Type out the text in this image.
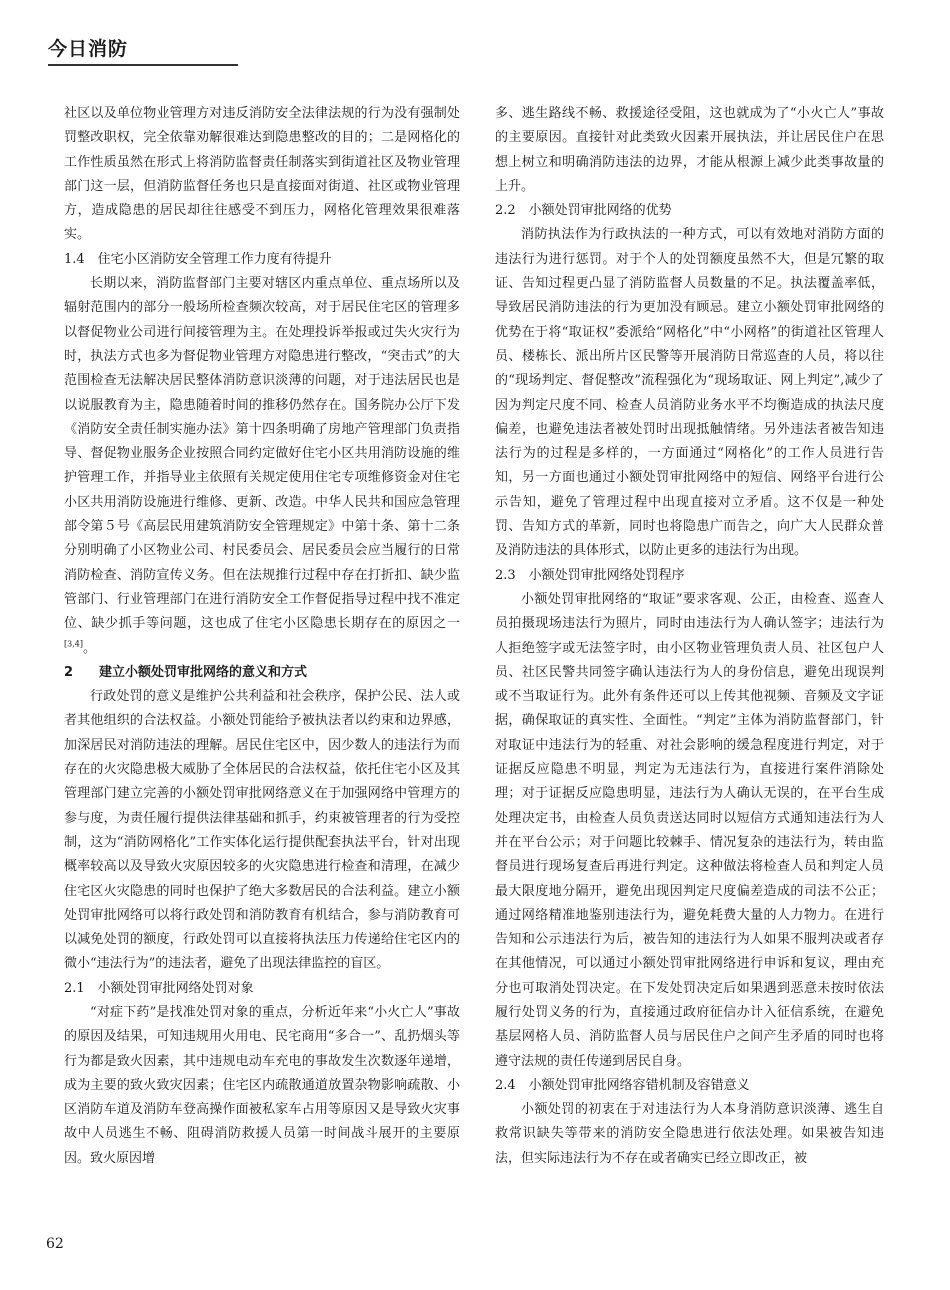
今日消防

社区以及单位物业管理方对违反消防安全法律法规的行为没有强制处罚整改职权，完全依靠劝解很难达到隐患整改的目的；二是网格化的工作性质虽然在形式上将消防监督责任制落实到街道社区及物业管理部门这一层，但消防监督任务也只是直接面对街道、社区或物业管理方，造成隐患的居民却往往感受不到压力，网格化管理效果很难落实。

1.4　住宅小区消防安全管理工作力度有待提升

长期以来，消防监督部门主要对辖区内重点单位、重点场所以及辐射范围内的部分一般场所检查频次较高，对于居民住宅区的管理多以督促物业公司进行间接管理为主。在处理投诉举报或过失火灾行为时，执法方式也多为督促物业管理方对隐患进行整改，“突击式”的大范围检查无法解决居民整体消防意识淡薄的问题，对于违法居民也是以说服教育为主，隐患随着时间的推移仍然存在。国务院办公厅下发《消防安全责任制实施办法》第十四条明确了房地产管理部门负责指导、督促物业服务企业按照合同约定做好住宅小区共用消防设施的维护管理工作，并指导业主依照有关规定使用住宅专项维修资金对住宅小区共用消防设施进行维修、更新、改造。中华人民共和国应急管理部令第５号《高层民用建筑消防安全管理规定》中第十条、第十二条分别明确了小区物业公司、村民委员会、居民委员会应当履行的日常消防检查、消防宣传义务。但在法规推行过程中存在打折扣、缺少监管部门、行业管理部门在进行消防安全工作督促指导过程中找不准定位、缺少抓手等问题，这也成了住宅小区隐患长期存在的原因之一[3,4]。

2　　建立小额处罚审批网络的意义和方式

行政处罚的意义是维护公共利益和社会秩序，保护公民、法人或者其他组织的合法权益。小额处罚能给予被执法者以约束和边界感，加深居民对消防违法的理解。居民住宅区中，因少数人的违法行为而存在的火灾隐患极大威胁了全体居民的合法权益，依托住宅小区及其管理部门建立完善的小额处罚审批网络意义在于加强网络中管理方的参与度，为责任履行提供法律基础和抓手，约束被管理者的行为受控制，这为“消防网格化”工作实体化运行提供配套执法平台，针对出现概率较高以及导致火灾原因较多的火灾隐患进行检查和清理，在减少住宅区火灾隐患的同时也保护了绝大多数居民的合法利益。建立小额处罚审批网络可以将行政处罚和消防教育有机结合，参与消防教育可以减免处罚的额度，行政处罚可以直接将执法压力传递给住宅区内的微小“违法行为”的违法者，避免了出现法律监控的盲区。

2.1　小额处罚审批网络处罚对象

“对症下药”是找准处罚对象的重点，分析近年来“小火亡人”事故的原因及结果，可知违规用火用电、民宅商用“多合一”、乱扔烟头等行为都是致火因素，其中违规电动车充电的事故发生次数逐年递增，成为主要的致火致灾因素；住宅区内疏散通道放置杂物影响疏散、小区消防车道及消防车登高操作面被私家车占用等原因又是导致火灾事故中人员逃生不畅、阻碍消防救援人员第一时间战斗展开的主要原因。致火原因增

多、逃生路线不畅、救援途径受阻，这也就成为了“小火亡人”事故的主要原因。直接针对此类致火因素开展执法，并让居民住户在思想上树立和明确消防违法的边界，才能从根源上减少此类事故量的上升。

2.2　小额处罚审批网络的优势

消防执法作为行政执法的一种方式，可以有效地对消防方面的违法行为进行惩罚。对于个人的处罚额度虽然不大，但是冗繁的取证、告知过程更凸显了消防监督人员数量的不足。执法覆盖率低，导致居民消防违法的行为更加没有顾忌。建立小额处罚审批网络的优势在于将“取证权”委派给“网格化”中“小网格”的街道社区管理人员、楼栋长、派出所片区民警等开展消防日常巡查的人员，将以往的“现场判定、督促整改”流程强化为“现场取证、网上判定”,减少了因为判定尺度不同、检查人员消防业务水平不均衡造成的执法尺度偏差，也避免违法者被处罚时出现抵触情绪。另外违法者被告知违法行为的过程是多样的，一方面通过“网格化”的工作人员进行告知，另一方面也通过小额处罚审批网络中的短信、网络平台进行公示告知，避免了管理过程中出现直接对立矛盾。这不仅是一种处罚、告知方式的革新，同时也将隐患广而告之，向广大人民群众普及消防违法的具体形式，以防止更多的违法行为出现。

2.3　小额处罚审批网络处罚程序

小额处罚审批网络的“取证”要求客观、公正，由检查、巡查人员拍摄现场违法行为照片，同时由违法行为人确认签字；违法行为人拒绝签字或无法签字时，由小区物业管理负责人员、社区包户人员、社区民警共同签字确认违法行为人的身份信息，避免出现误判或不当取证行为。此外有条件还可以上传其他视频、音频及文字证据，确保取证的真实性、全面性。“判定”主体为消防监督部门，针对取证中违法行为的轻重、对社会影响的缓急程度进行判定，对于证据反应隐患不明显，判定为无违法行为，直接进行案件消除处理；对于证据反应隐患明显，违法行为人确认无误的，在平台生成处理决定书，由检查人员负责送达同时以短信方式通知违法行为人并在平台公示；对于问题比较棘手、情况复杂的违法行为，转由监督员进行现场复查后再进行判定。这种做法将检查人员和判定人员最大限度地分隔开，避免出现因判定尺度偏差造成的司法不公正；通过网络精准地鉴别违法行为，避免耗费大量的人力物力。在进行告知和公示违法行为后，被告知的违法行为人如果不服判决或者存在其他情况，可以通过小额处罚审批网络进行申诉和复议，理由充分也可取消处罚决定。在下发处罚决定后如果遇到恶意未按时依法履行处罚义务的行为，直接通过政府征信办计入征信系统，在避免基层网格人员、消防监督人员与居民住户之间产生矛盾的同时也将遵守法规的责任传递到居民自身。

2.4　小额处罚审批网络容错机制及容错意义

小额处罚的初衷在于对违法行为人本身消防意识淡薄、逃生自救常识缺失等带来的消防安全隐患进行依法处理。如果被告知违法，但实际违法行为不存在或者确实已经立即改正，被

62
